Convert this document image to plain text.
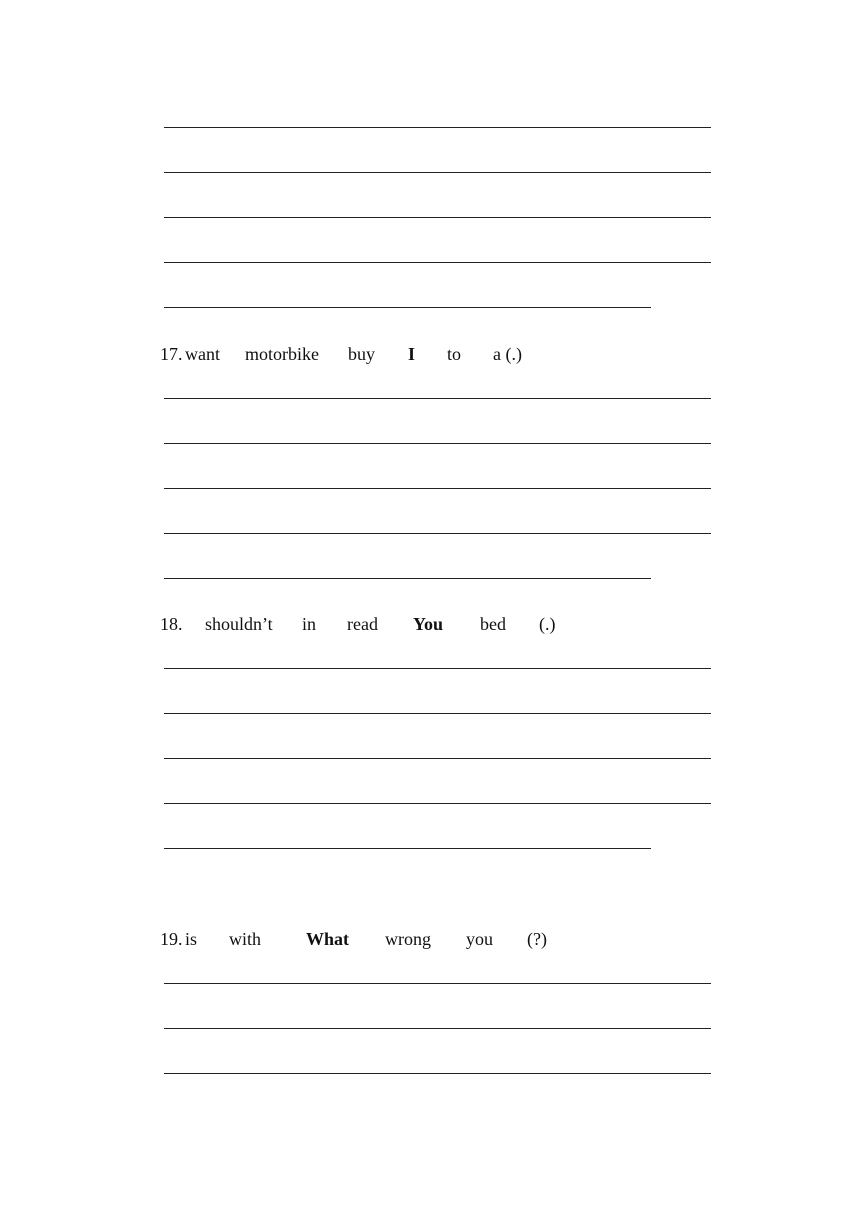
17. want motorbike buy I to a (.)
18. shouldn’t in read You bed (.)
19. is with What wrong you (?)
